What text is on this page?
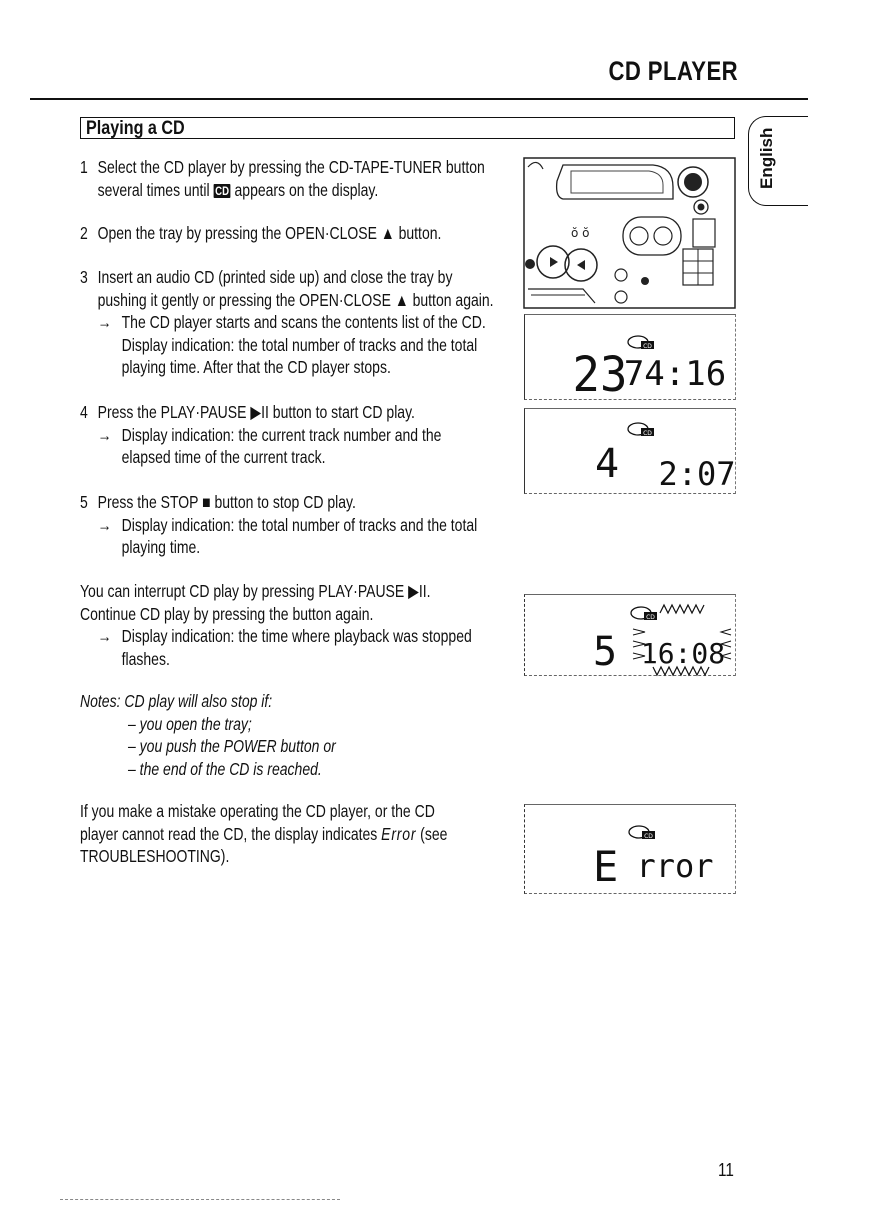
CD PLAYER
Playing a CD	English
1 Select the CD player by pressing the CD-TAPE-TUNER button

several times until CD appears on the display.

2 Open the tray by pressing the OPEN·CLOSE ▲ button.

3 Insert an audio CD (printed side up) and close the tray by

pushing it gently or pressing the OPEN·CLOSE ▲ button again.

→ The CD player starts and scans the contents list of the CD.

Display indication: the total number of tracks and the total

playing time. After that the CD player stops.

4 Press the PLAY·PAUSE ▶II button to start CD play.

→ Display indication: the current track number and the

elapsed time of the current track.

5 Press the STOP ■ button to stop CD play.

→ Display indication: the total number of tracks and the total

playing time.

You can interrupt CD play by pressing PLAY·PAUSE ▶II.

Continue CD play by pressing the button again.

→ Display indication: the time where playback was stopped

flashes.

Notes: CD play will also stop if:

– you open the tray;

– you push the POWER button or

– the end of the CD is reached.

If you make a mistake operating the CD player, or the CD

player cannot read the CD, the display indicates Error (see

TROUBLESHOOTING).

ŏ ŏ
CD
23
74:16
CD
4 2:07
CD
5 16:08
CD
E rror
11
